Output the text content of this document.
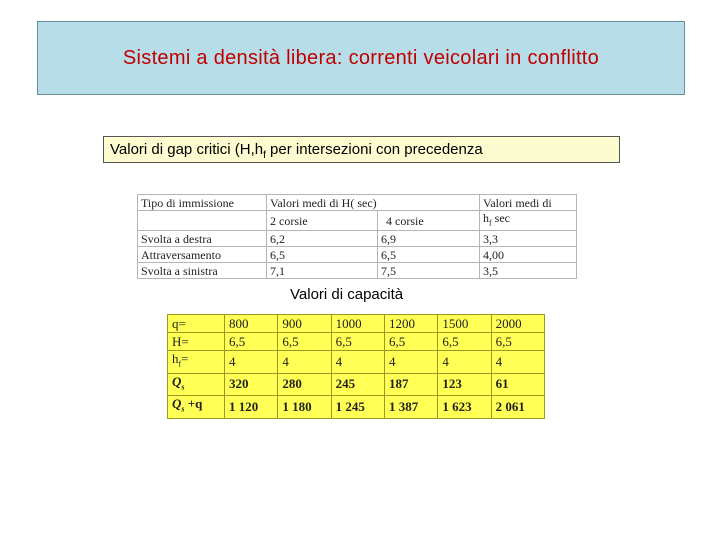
Sistemi a densità libera: correnti veicolari in conflitto
Valori di gap critici ($H,h_f$ per intersezioni con precedenza
Tipo di immissione	Valori medi di H( sec)		Valori medi di
	2 corsie	4 corsie	$h_f$ sec
Svolta a destra	6,2	6,9	3,3
Attraversamento	6,5	6,5	4,00
Svolta a sinistra	7,1	7,5	3,5
Valori di capacità
q=	800	900	1000	1200	1500	2000
H=	6,5	6,5	6,5	6,5	6,5	6,5
$h_f=$	4	4	4	4	4	4
$Q_s$	320	280	245	187	123	61
$Q_s +q$	1 120	1 180	1 245	1 387	1 623	2 061
